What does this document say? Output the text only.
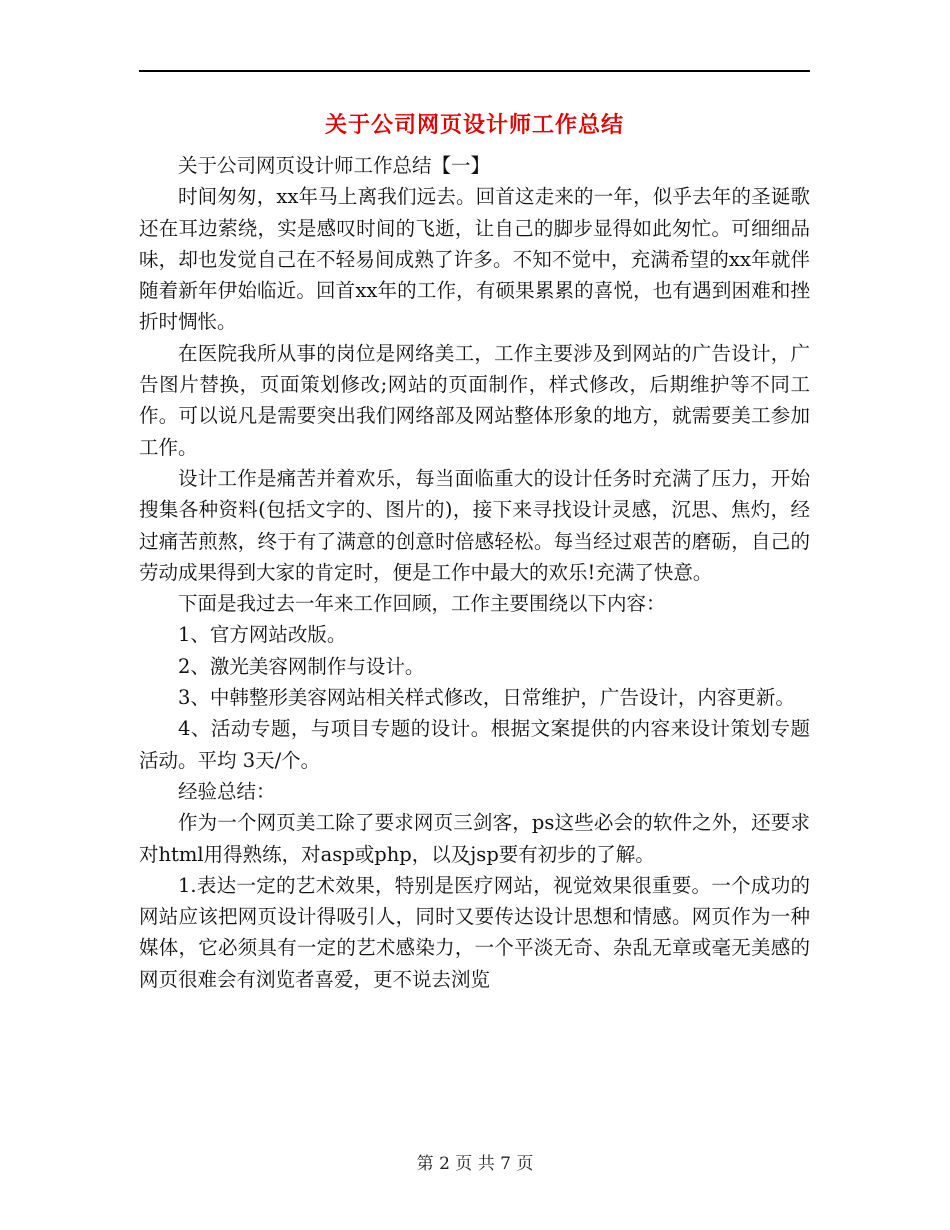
关于公司网页设计师工作总结

关于公司网页设计师工作总结【一】

时间匆匆，xx年马上离我们远去。回首这走来的一年，似乎去年的圣诞歌还在耳边萦绕，实是感叹时间的飞逝，让自己的脚步显得如此匆忙。可细细品味，却也发觉自己在不轻易间成熟了许多。不知不觉中，充满希望的xx年就伴随着新年伊始临近。回首xx年的工作，有硕果累累的喜悦，也有遇到困难和挫折时惆怅。

在医院我所从事的岗位是网络美工，工作主要涉及到网站的广告设计，广告图片替换，页面策划修改;网站的页面制作，样式修改，后期维护等不同工作。可以说凡是需要突出我们网络部及网站整体形象的地方，就需要美工参加工作。

设计工作是痛苦并着欢乐，每当面临重大的设计任务时充满了压力，开始搜集各种资料(包括文字的、图片的)，接下来寻找设计灵感，沉思、焦灼，经过痛苦煎熬，终于有了满意的创意时倍感轻松。每当经过艰苦的磨砺，自己的劳动成果得到大家的肯定时，便是工作中最大的欢乐!充满了快意。

下面是我过去一年来工作回顾，工作主要围绕以下内容：

1、官方网站改版。

2、激光美容网制作与设计。

3、中韩整形美容网站相关样式修改，日常维护，广告设计，内容更新。

4、活动专题，与项目专题的设计。根据文案提供的内容来设计策划专题活动。平均 3天/个。

经验总结：

作为一个网页美工除了要求网页三剑客，ps这些必会的软件之外，还要求对html用得熟练，对asp或php，以及jsp要有初步的了解。

1.表达一定的艺术效果，特别是医疗网站，视觉效果很重要。一个成功的网站应该把网页设计得吸引人，同时又要传达设计思想和情感。网页作为一种媒体，它必须具有一定的艺术感染力，一个平淡无奇、杂乱无章或毫无美感的网页很难会有浏览者喜爱，更不说去浏览

第 2 页 共 7 页
